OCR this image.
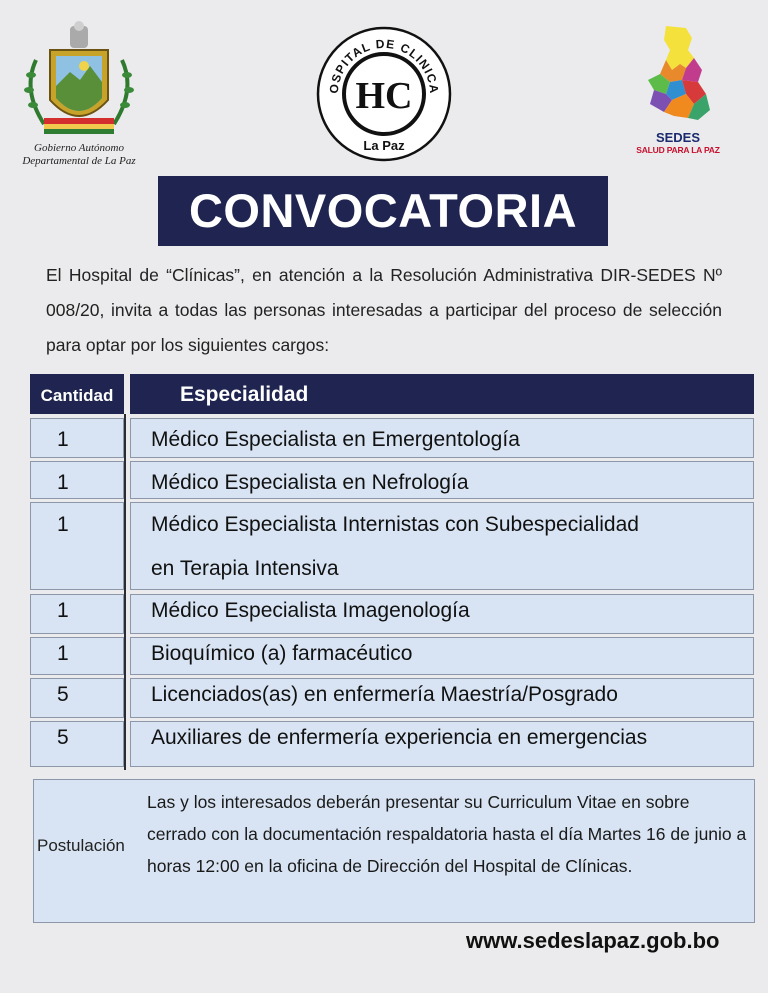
Gobierno Autónomo
Departamental de La Paz
OSPITAL DE CLINICA
La Paz
HC
SEDES
SALUD PARA LA PAZ
CONVOCATORIA

El Hospital de “Clínicas”, en atención a la Resolución Administrativa DIR-SEDES Nº 008/20, invita a todas las personas interesadas a participar del proceso de selección para optar por los siguientes cargos:

Cantidad	Especialidad
1	Médico Especialista en Emergentología
1	Médico Especialista en Nefrología
1	Médico Especialista Internistas con Subespecialidad
en Terapia Intensiva
1	Médico Especialista Imagenología
1	Bioquímico (a) farmacéutico
5	Licenciados(as) en enfermería Maestría/Posgrado
5	Auxiliares de enfermería experiencia en emergencias
Postulación
Las y los interesados deberán presentar su Curriculum Vitae en sobre cerrado con la documentación respaldatoria hasta el día Martes 16 de junio a horas 12:00 en la oficina de Dirección del Hospital de Clínicas.
www.sedeslapaz.gob.bo
